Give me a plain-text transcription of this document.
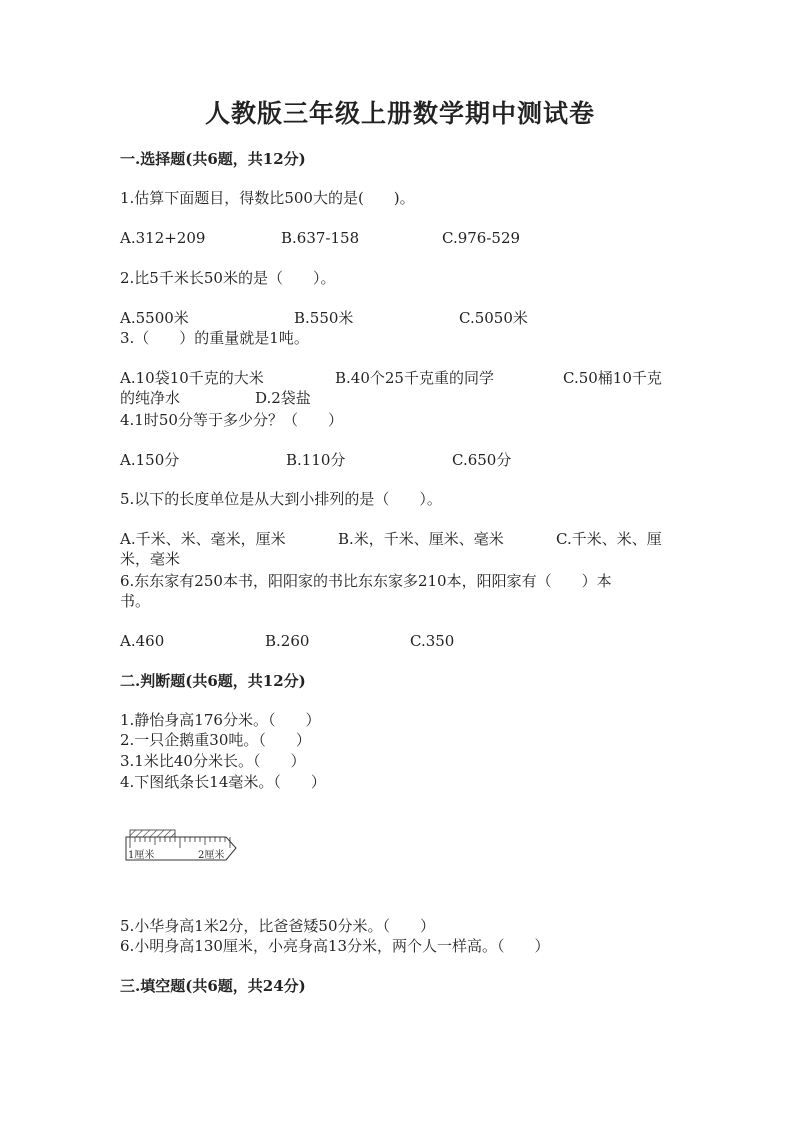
人教版三年级上册数学期中测试卷
一.选择题(共6题，共12分)
1.估算下面题目，得数比500大的是(　　)。
A.312+209	B.637-158	C.976-529
2.比5千米长50米的是（　　）。
A.5500米	B.550米	C.5050米
3.（　　）的重量就是1吨。
A.10袋10千克的大米	B.40个25千克重的同学	C.50桶10千克
的纯净水	D.2袋盐
4.1时50分等于多少分？（　　）
A.150分	B.110分	C.650分
5.以下的长度单位是从大到小排列的是（　　）。
A.千米、米、毫米，厘米	B.米，千米、厘米、毫米	C.千米、米、厘
米，毫米
6.东东家有250本书，阳阳家的书比东东家多210本，阳阳家有（　　）本
书。
A.460	B.260	C.350
二.判断题(共6题，共12分)
1.静怡身高176分米。（　　）
2.一只企鹅重30吨。（　　）
3.1米比40分米长。（　　）
4.下图纸条长14毫米。（　　）
1厘米	2厘米
5.小华身高1米2分，比爸爸矮50分米。（　　）
6.小明身高130厘米，小亮身高13分米，两个人一样高。（　　）
三.填空题(共6题，共24分)
